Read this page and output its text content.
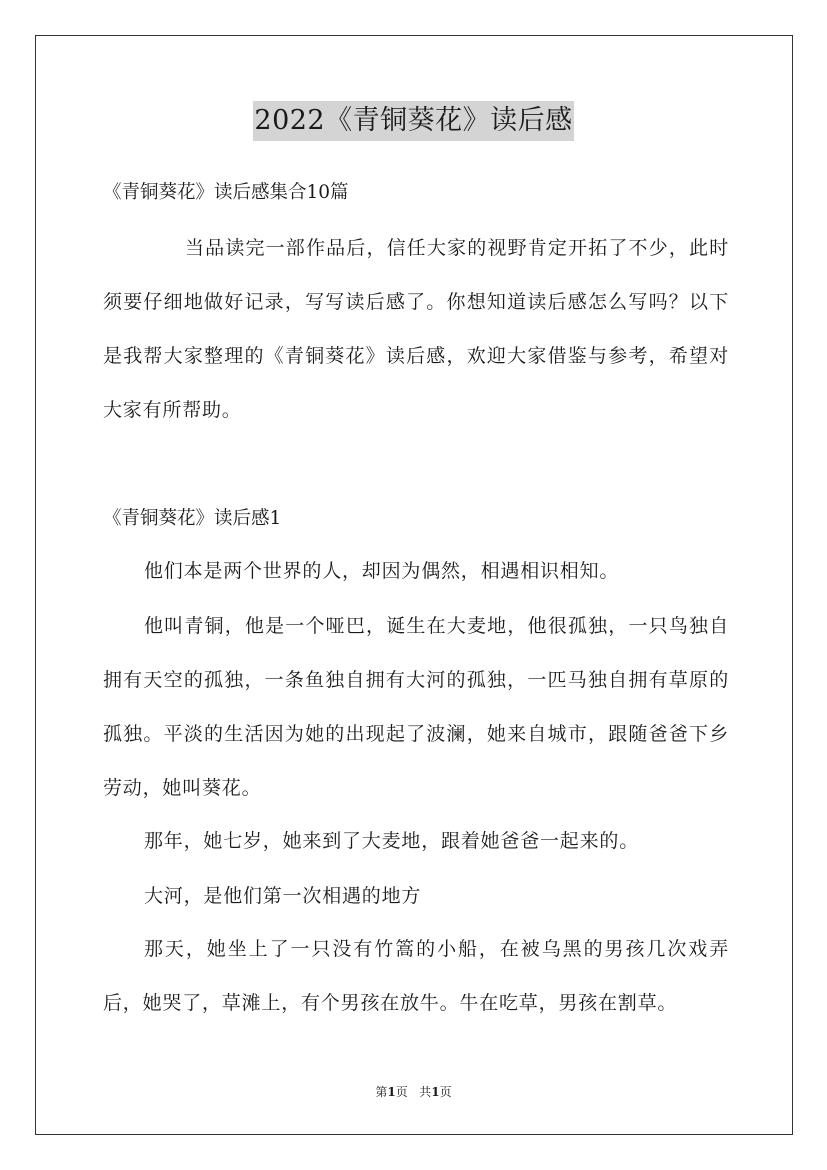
2022《青铜葵花》读后感

《青铜葵花》读后感集合10篇

当品读完一部作品后，信任大家的视野肯定开拓了不少，此时须要仔细地做好记录，写写读后感了。你想知道读后感怎么写吗？以下是我帮大家整理的《青铜葵花》读后感，欢迎大家借鉴与参考，希望对大家有所帮助。

《青铜葵花》读后感1

他们本是两个世界的人，却因为偶然，相遇相识相知。

他叫青铜，他是一个哑巴，诞生在大麦地，他很孤独，一只鸟独自拥有天空的孤独，一条鱼独自拥有大河的孤独，一匹马独自拥有草原的孤独。平淡的生活因为她的出现起了波澜，她来自城市，跟随爸爸下乡劳动，她叫葵花。

那年，她七岁，她来到了大麦地，跟着她爸爸一起来的。

大河，是他们第一次相遇的地方

那天，她坐上了一只没有竹篙的小船，在被乌黑的男孩几次戏弄后，她哭了，草滩上，有个男孩在放牛。牛在吃草，男孩在割草。

第1页 共1页
